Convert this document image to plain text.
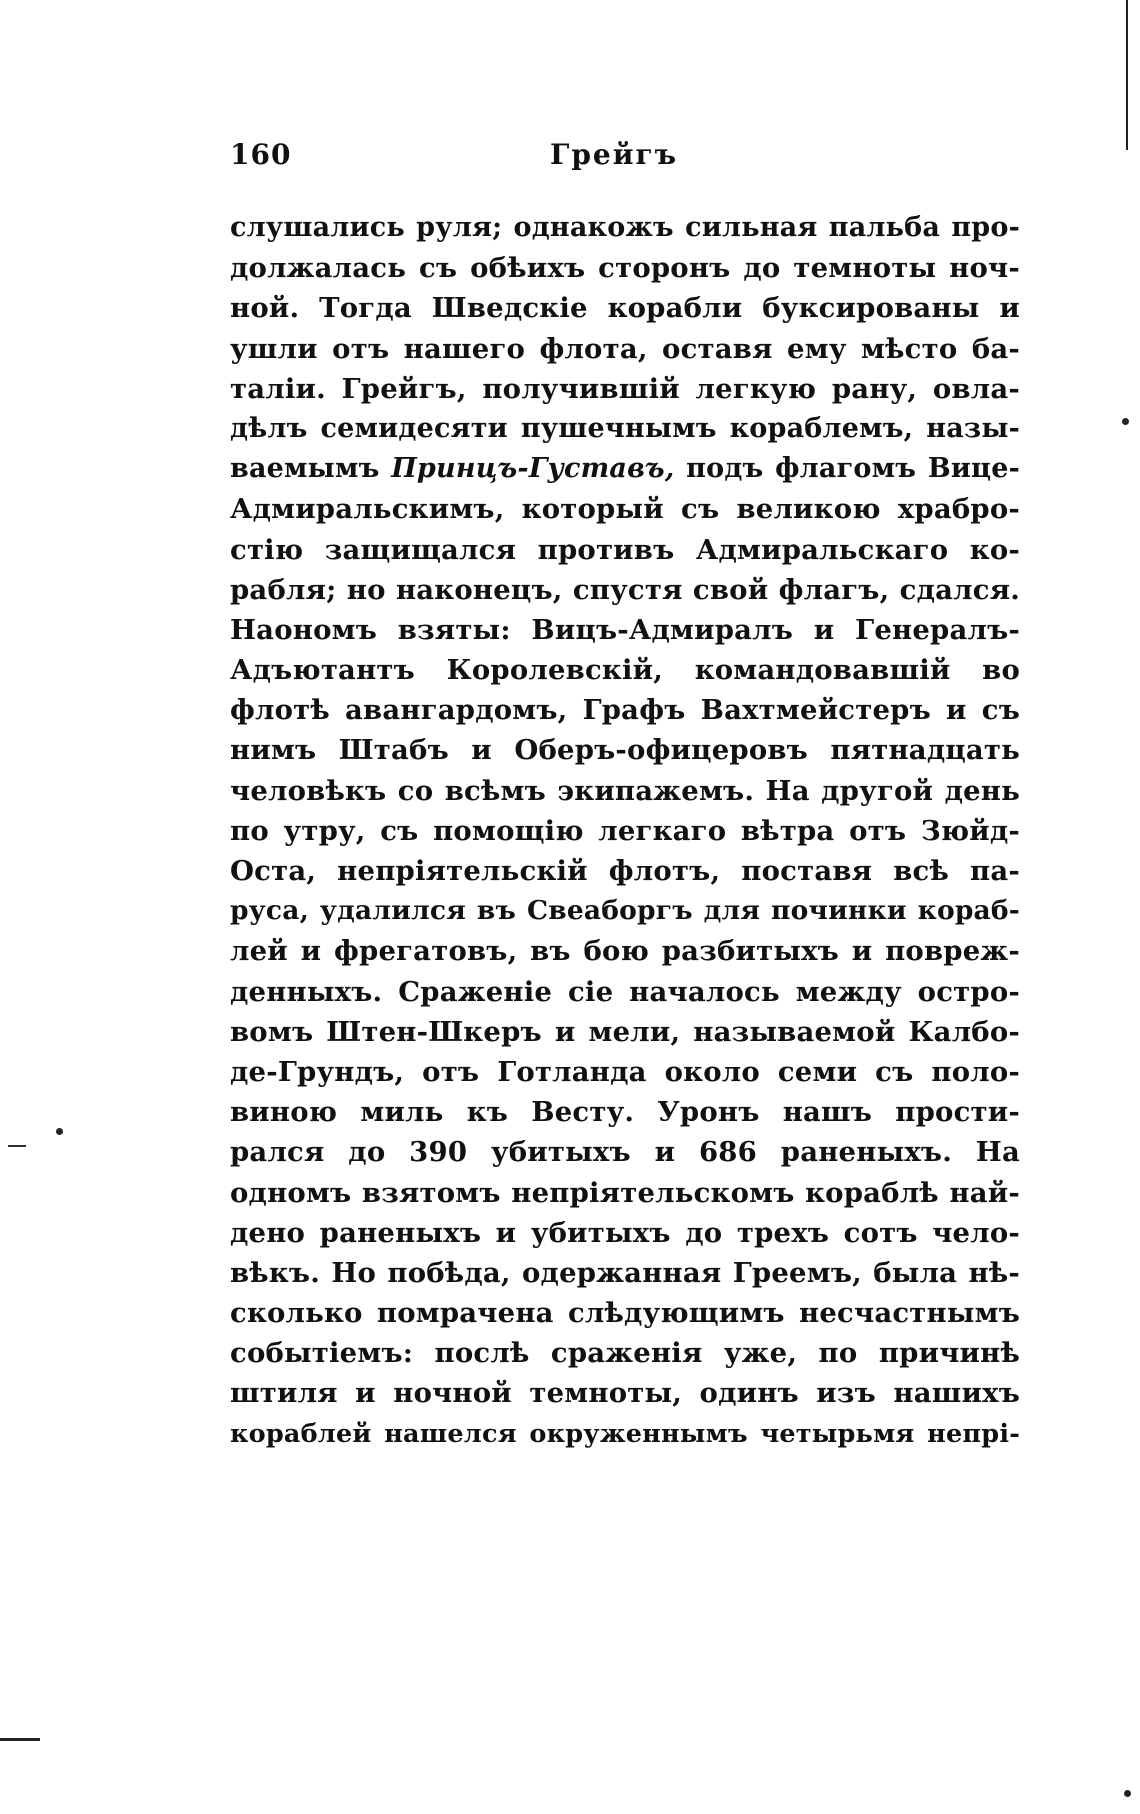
160	Грейгъ
слушались руля; однакожъ сильная пальба про-
должалась съ обѣихъ сторонъ до темноты ноч-
ной. Тогда Шведскіе корабли буксированы и
ушли отъ нашего флота, оставя ему мѣсто ба-
таліи. Грейгъ, получившій легкую рану, овла-
дѣлъ семидесяти пушечнымъ кораблемъ, назы-
ваемымъ Принцъ-Густавъ, подъ флагомъ Вице-
Адмиральскимъ, который съ великою храбро-
стію защищался противъ Адмиральскаго ко-
рабля; но наконецъ, спустя свой флагъ, сдался.
Наономъ взяты: Вицъ-Адмиралъ и Генералъ-
Адъютантъ Королевскій, командовавшій во
флотѣ авангардомъ, Графъ Вахтмейстеръ и съ
нимъ Штабъ и Оберъ-офицеровъ пятнадцать
человѣкъ со всѣмъ экипажемъ. На другой день
по утру, съ помощію легкаго вѣтра отъ Зюйд-
Оста, непріятельскій флотъ, поставя всѣ па-
руса, удалился въ Свеаборгъ для починки кораб-
лей и фрегатовъ, въ бою разбитыхъ и повреж-
денныхъ. Сраженіе сіе началось между остро-
вомъ Штен-Шкеръ и мели, называемой Калбо-
де-Грундъ, отъ Готланда около семи съ поло-
виною миль къ Весту. Уронъ нашъ прости-
рался до 390 убитыхъ и 686 раненыхъ. На
одномъ взятомъ непріятельскомъ кораблѣ най-
дено раненыхъ и убитыхъ до трехъ сотъ чело-
вѣкъ. Но побѣда, одержанная Греемъ, была нѣ-
сколько помрачена слѣдующимъ несчастнымъ
событіемъ: послѣ сраженія уже, по причинѣ
штиля и ночной темноты, одинъ изъ нашихъ
кораблей нашелся окруженнымъ четырьмя непрі-
